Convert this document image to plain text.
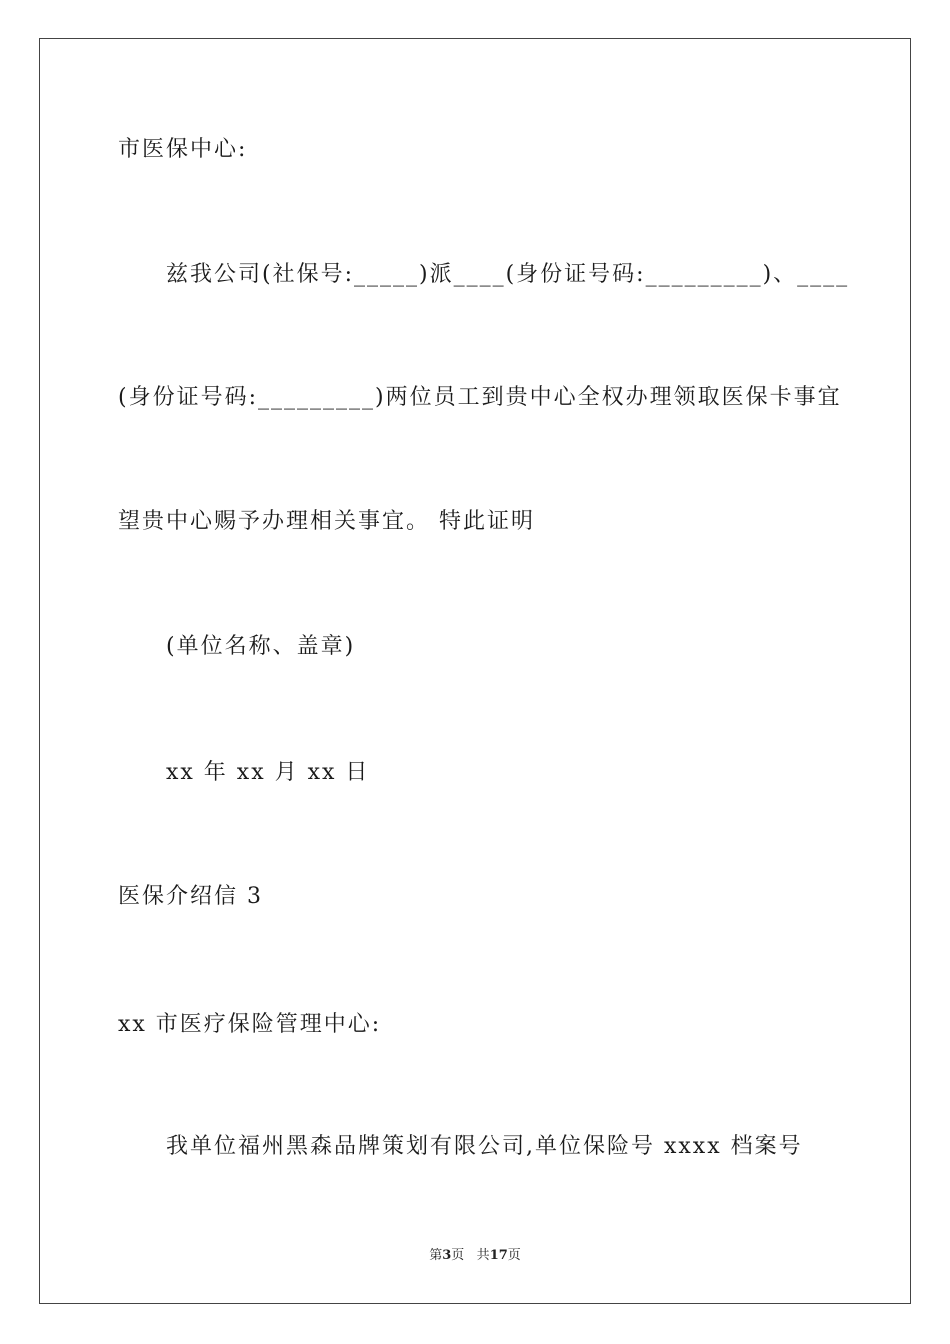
市医保中心:
兹我公司(社保号:_____)派____(身份证号码:_________)、____
(身份证号码:_________)两位员工到贵中心全权办理领取医保卡事宜
望贵中心赐予办理相关事宜。 特此证明
(单位名称、盖章)
xx 年 xx 月 xx 日
医保介绍信 3
xx 市医疗保险管理中心:
我单位福州黑森品牌策划有限公司,单位保险号 xxxx 档案号
第3页 共17页
